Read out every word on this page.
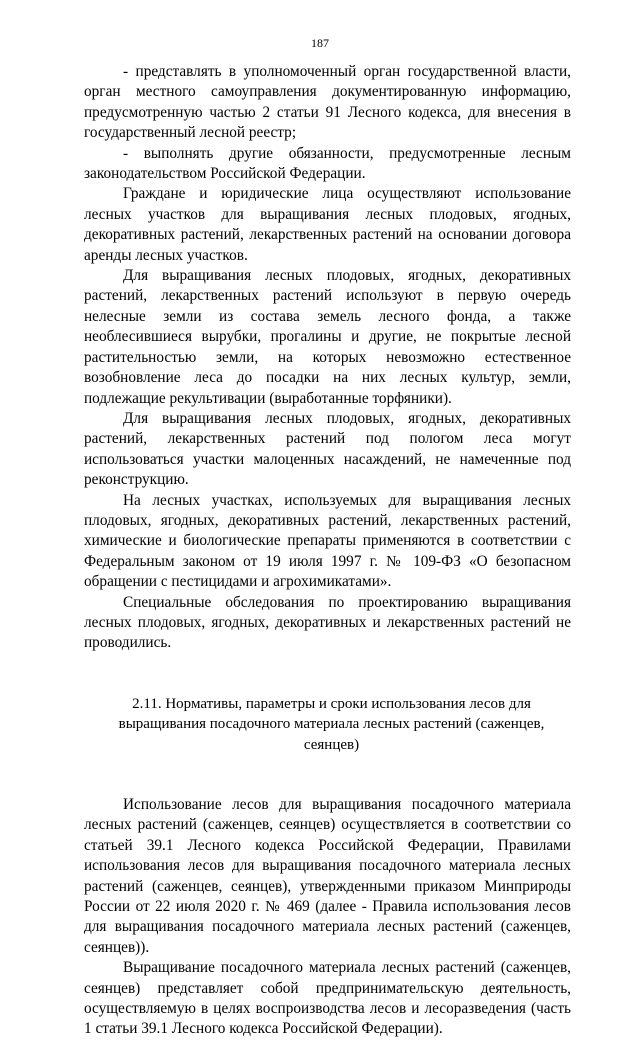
187

- представлять в уполномоченный орган государственной власти, орган местного самоуправления документированную информацию, предусмотренную частью 2 статьи 91 Лесного кодекса, для внесения в государственный лесной реестр;

- выполнять другие обязанности, предусмотренные лесным законодательством Российской Федерации.

Граждане и юридические лица осуществляют использование лесных участков для выращивания лесных плодовых, ягодных, декоративных растений, лекарственных растений на основании договора аренды лесных участков.

Для выращивания лесных плодовых, ягодных, декоративных растений, лекарственных растений используют в первую очередь нелесные земли из состава земель лесного фонда, а также необлесившиеся вырубки, прогалины и другие, не покрытые лесной растительностью земли, на которых невозможно естественное возобновление леса до посадки на них лесных культур, земли, подлежащие рекультивации (выработанные торфяники).

Для выращивания лесных плодовых, ягодных, декоративных растений, лекарственных растений под пологом леса могут использоваться участки малоценных насаждений, не намеченные под реконструкцию.

На лесных участках, используемых для выращивания лесных плодовых, ягодных, декоративных растений, лекарственных растений, химические и биологические препараты применяются в соответствии с Федеральным законом от 19 июля 1997 г. № 109-ФЗ «О безопасном обращении с пестицидами и агрохимикатами».

Специальные обследования по проектированию выращивания лесных плодовых, ягодных, декоративных и лекарственных растений не проводились.

2.11. Нормативы, параметры и сроки использования лесов для
выращивания посадочного материала лесных растений (саженцев, сеянцев)

Использование лесов для выращивания посадочного материала лесных растений (саженцев, сеянцев) осуществляется в соответствии со статьей 39.1 Лесного кодекса Российской Федерации, Правилами использования лесов для выращивания посадочного материала лесных растений (саженцев, сеянцев), утвержденными приказом Минприроды России от 22 июля 2020 г. № 469 (далее - Правила использования лесов для выращивания посадочного материала лесных растений (саженцев, сеянцев)).

Выращивание посадочного материала лесных растений (саженцев, сеянцев) представляет собой предпринимательскую деятельность, осуществляемую в целях воспроизводства лесов и лесоразведения (часть 1 статьи 39.1 Лесного кодекса Российской Федерации).
